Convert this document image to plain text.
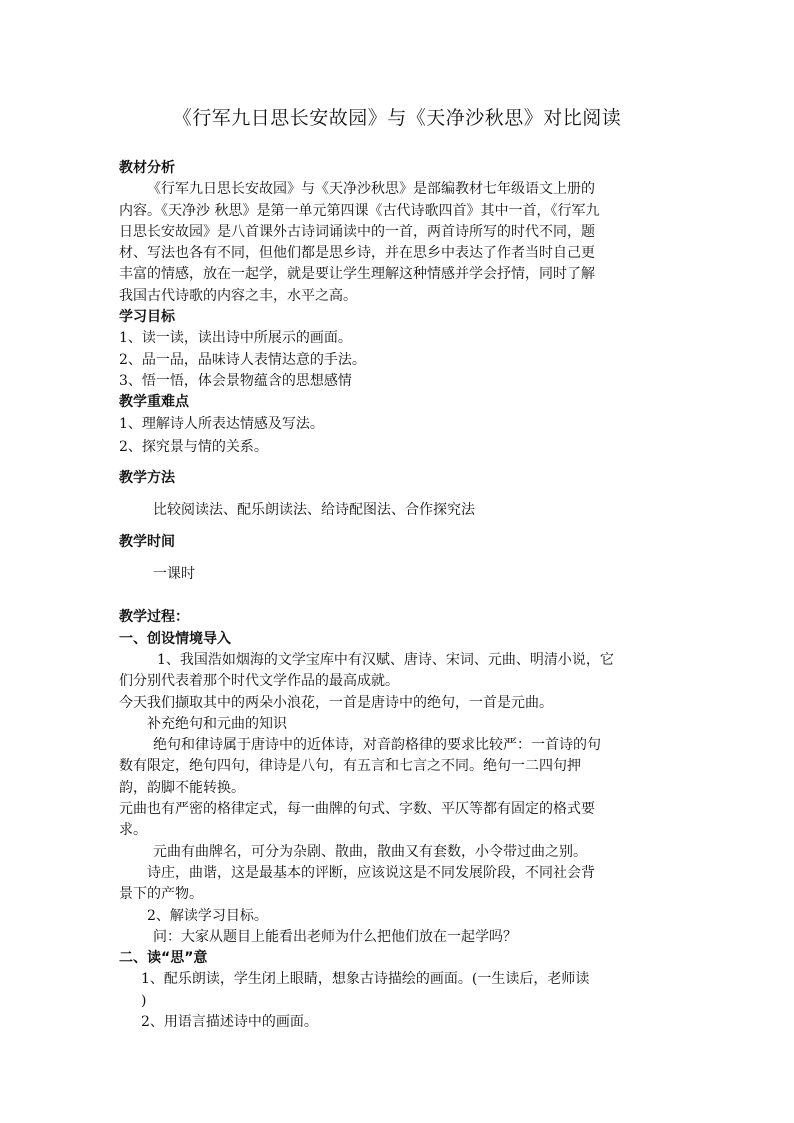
《行军九日思长安故园》与《天净沙秋思》对比阅读

教材分析

《行军九日思长安故园》与《天净沙秋思》是部编教材七年级语文上册的

内容。《天净沙 秋思》是第一单元第四课《古代诗歌四首》其中一首，《行军九

日思长安故园》是八首课外古诗词诵读中的一首，两首诗所写的时代不同，题

材、写法也各有不同，但他们都是思乡诗，并在思乡中表达了作者当时自己更

丰富的情感，放在一起学，就是要让学生理解这种情感并学会抒情，同时了解

我国古代诗歌的内容之丰，水平之高。

学习目标

1、读一读，读出诗中所展示的画面。

2、品一品，品味诗人表情达意的手法。

3、悟一悟，体会景物蕴含的思想感情

教学重难点

1、理解诗人所表达情感及写法。

2、探究景与情的关系。

教学方法

比较阅读法、配乐朗读法、给诗配图法、合作探究法

教学时间

一课时

教学过程：

一、创设情境导入

1、我国浩如烟海的文学宝库中有汉赋、唐诗、宋词、元曲、明清小说，它

们分别代表着那个时代文学作品的最高成就。

今天我们撷取其中的两朵小浪花，一首是唐诗中的绝句，一首是元曲。

补充绝句和元曲的知识

绝句和律诗属于唐诗中的近体诗，对音韵格律的要求比较严：一首诗的句

数有限定，绝句四句，律诗是八句，有五言和七言之不同。绝句一二四句押

韵，韵脚不能转换。

元曲也有严密的格律定式，每一曲牌的句式、字数、平仄等都有固定的格式要

求。

元曲有曲牌名，可分为杂剧、散曲，散曲又有套数，小令带过曲之别。

诗庄，曲谐，这是最基本的评断，应该说这是不同发展阶段，不同社会背

景下的产物。

2、解读学习目标。

问：大家从题目上能看出老师为什么把他们放在一起学吗？

二、读“思”意

1、配乐朗读，学生闭上眼睛，想象古诗描绘的画面。(一生读后，老师读

)

2、用语言描述诗中的画面。
